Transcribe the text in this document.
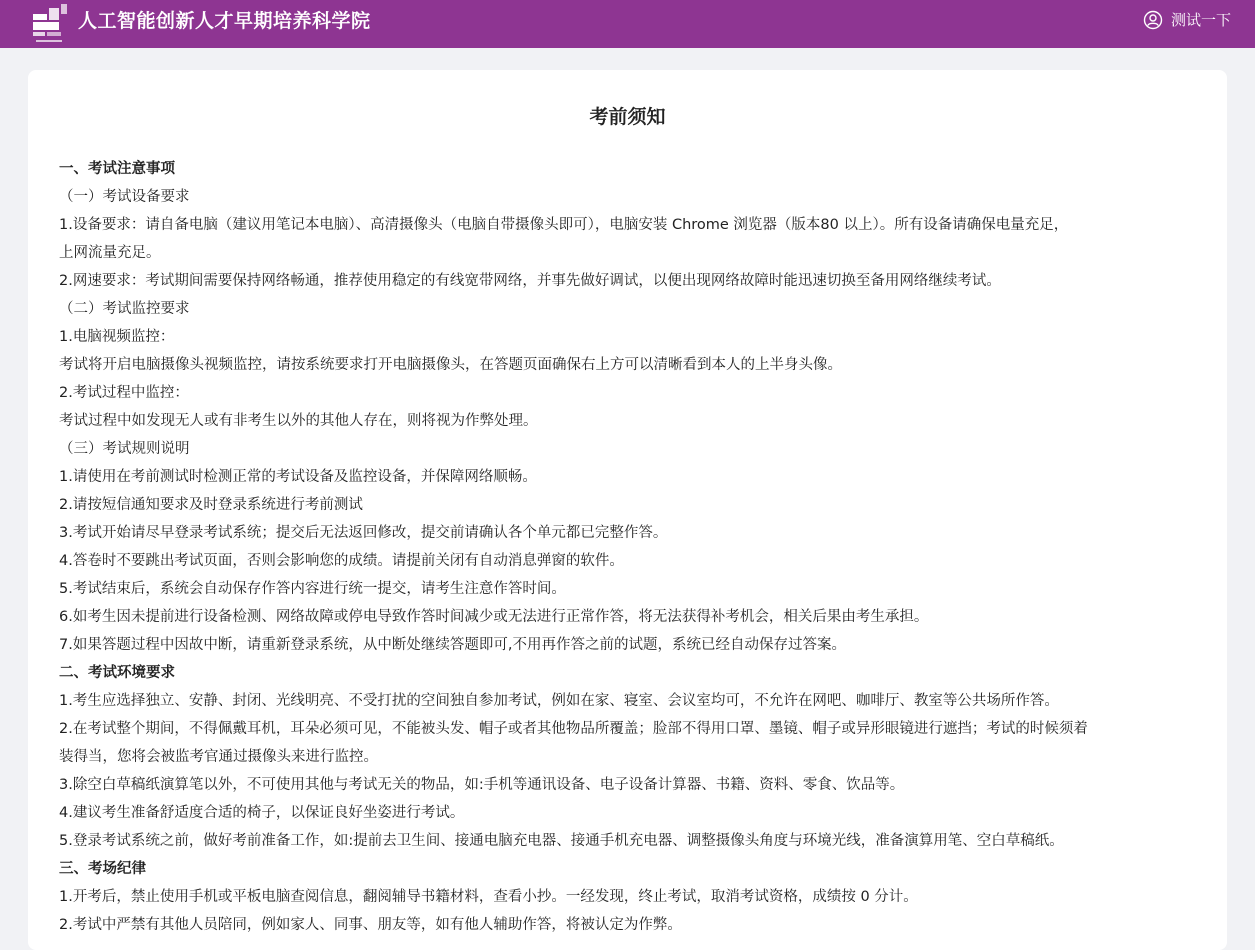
人工智能创新人才早期培养科学院	测试一下
考前须知
一、考试注意事项
（一）考试设备要求
1.设备要求：请自备电脑（建议用笔记本电脑）、高清摄像头（电脑自带摄像头即可），电脑安装 Chrome 浏览器（版本80 以上）。所有设备请确保电量充足，
上网流量充足。
2.网速要求：考试期间需要保持网络畅通，推荐使用稳定的有线宽带网络，并事先做好调试，以便出现网络故障时能迅速切换至备用网络继续考试。
（二）考试监控要求
1.电脑视频监控：
考试将开启电脑摄像头视频监控，请按系统要求打开电脑摄像头，在答题页面确保右上方可以清晰看到本人的上半身头像。
2.考试过程中监控：
考试过程中如发现无人或有非考生以外的其他人存在，则将视为作弊处理。
（三）考试规则说明
1.请使用在考前测试时检测正常的考试设备及监控设备，并保障网络顺畅。
2.请按短信通知要求及时登录系统进行考前测试
3.考试开始请尽早登录考试系统；提交后无法返回修改，提交前请确认各个单元都已完整作答。
4.答卷时不要跳出考试页面，否则会影响您的成绩。请提前关闭有自动消息弹窗的软件。
5.考试结束后，系统会自动保存作答内容进行统一提交，请考生注意作答时间。
6.如考生因未提前进行设备检测、网络故障或停电导致作答时间减少或无法进行正常作答，将无法获得补考机会，相关后果由考生承担。
7.如果答题过程中因故中断，请重新登录系统，从中断处继续答题即可,不用再作答之前的试题，系统已经自动保存过答案。
二、考试环境要求
1.考生应选择独立、安静、封闭、光线明亮、不受打扰的空间独自参加考试，例如在家、寝室、会议室均可，不允许在网吧、咖啡厅、教室等公共场所作答。
2.在考试整个期间，不得佩戴耳机，耳朵必须可见，不能被头发、帽子或者其他物品所覆盖；脸部不得用口罩、墨镜、帽子或异形眼镜进行遮挡；考试的时候须着
装得当，您将会被监考官通过摄像头来进行监控。
3.除空白草稿纸演算笔以外，不可使用其他与考试无关的物品，如:手机等通讯设备、电子设备计算器、书籍、资料、零食、饮品等。
4.建议考生准备舒适度合适的椅子，以保证良好坐姿进行考试。
5.登录考试系统之前，做好考前准备工作，如:提前去卫生间、接通电脑充电器、接通手机充电器、调整摄像头角度与环境光线，准备演算用笔、空白草稿纸。
三、考场纪律
1.开考后，禁止使用手机或平板电脑查阅信息，翻阅辅导书籍材料，查看小抄。一经发现，终止考试，取消考试资格，成绩按 0 分计。
2.考试中严禁有其他人员陪同，例如家人、同事、朋友等，如有他人辅助作答，将被认定为作弊。
